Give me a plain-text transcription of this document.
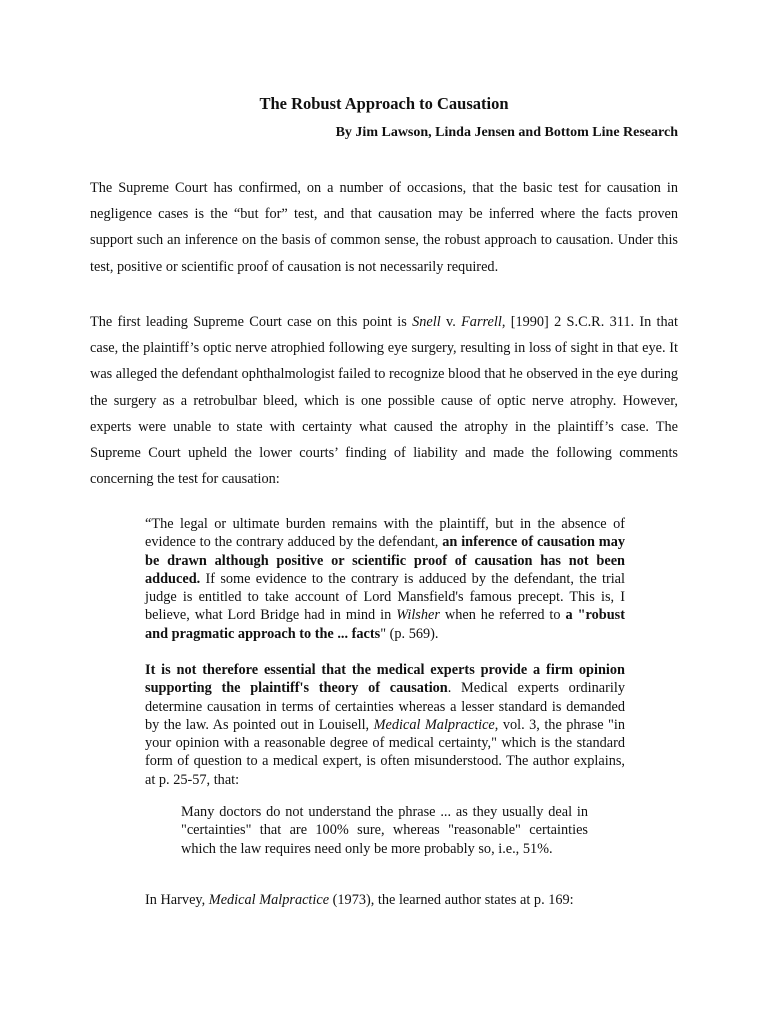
The Robust Approach to Causation

By Jim Lawson, Linda Jensen and Bottom Line Research

The Supreme Court has confirmed, on a number of occasions, that the basic test for causation in negligence cases is the “but for” test, and that causation may be inferred where the facts proven support such an inference on the basis of common sense, the robust approach to causation. Under this test, positive or scientific proof of causation is not necessarily required.

The first leading Supreme Court case on this point is Snell v. Farrell, [1990] 2 S.C.R. 311. In that case, the plaintiff’s optic nerve atrophied following eye surgery, resulting in loss of sight in that eye. It was alleged the defendant ophthalmologist failed to recognize blood that he observed in the eye during the surgery as a retrobulbar bleed, which is one possible cause of optic nerve atrophy. However, experts were unable to state with certainty what caused the atrophy in the plaintiff’s case. The Supreme Court upheld the lower courts’ finding of liability and made the following comments concerning the test for causation:

“The legal or ultimate burden remains with the plaintiff, but in the absence of evidence to the contrary adduced by the defendant, an inference of causation may be drawn although positive or scientific proof of causation has not been adduced. If some evidence to the contrary is adduced by the defendant, the trial judge is entitled to take account of Lord Mansfield's famous precept. This is, I believe, what Lord Bridge had in mind in Wilsher when he referred to a "robust and pragmatic approach to the ... facts" (p. 569).

It is not therefore essential that the medical experts provide a firm opinion supporting the plaintiff's theory of causation. Medical experts ordinarily determine causation in terms of certainties whereas a lesser standard is demanded by the law. As pointed out in Louisell, Medical Malpractice, vol. 3, the phrase "in your opinion with a reasonable degree of medical certainty," which is the standard form of question to a medical expert, is often misunderstood. The author explains, at p. 25-57, that:

Many doctors do not understand the phrase ... as they usually deal in "certainties" that are 100% sure, whereas "reasonable" certainties which the law requires need only be more probably so, i.e., 51%.

In Harvey, Medical Malpractice (1973), the learned author states at p. 169:
